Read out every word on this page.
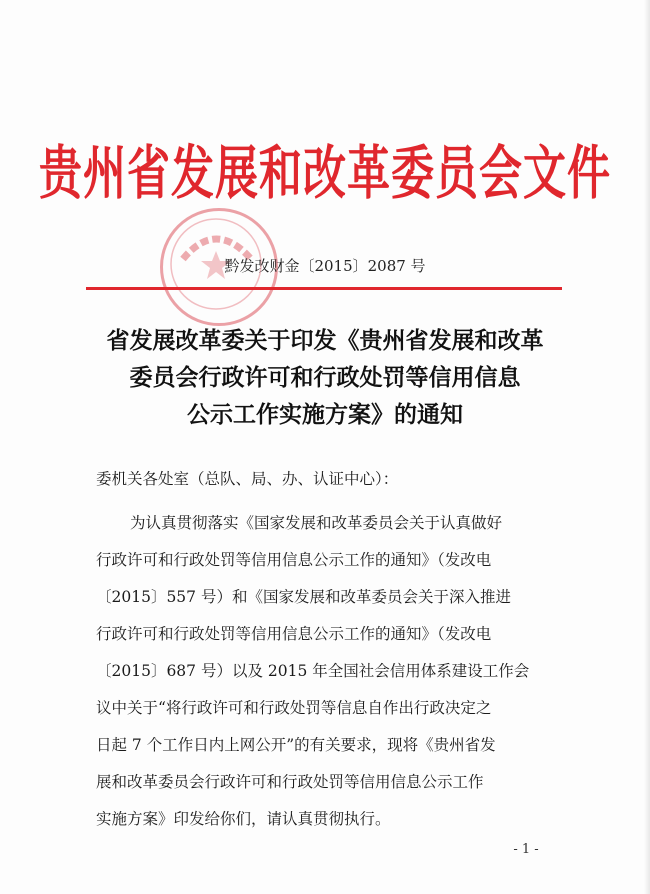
贵州省发展和改革委员会文件
黔发改财金〔2015〕2087 号
省发展改革委关于印发《贵州省发展和改革
委员会行政许可和行政处罚等信用信息
公示工作实施方案》的通知
委机关各处室（总队、局、办、认证中心）：
为认真贯彻落实《国家发展和改革委员会关于认真做好
行政许可和行政处罚等信用信息公示工作的通知》（发改电
〔2015〕557 号）和《国家发展和改革委员会关于深入推进
行政许可和行政处罚等信用信息公示工作的通知》（发改电
〔2015〕687 号）以及 2015 年全国社会信用体系建设工作会
议中关于“将行政许可和行政处罚等信息自作出行政决定之
日起 7 个工作日内上网公开”的有关要求，现将《贵州省发
展和改革委员会行政许可和行政处罚等信用信息公示工作
实施方案》印发给你们，请认真贯彻执行。
- 1 -
